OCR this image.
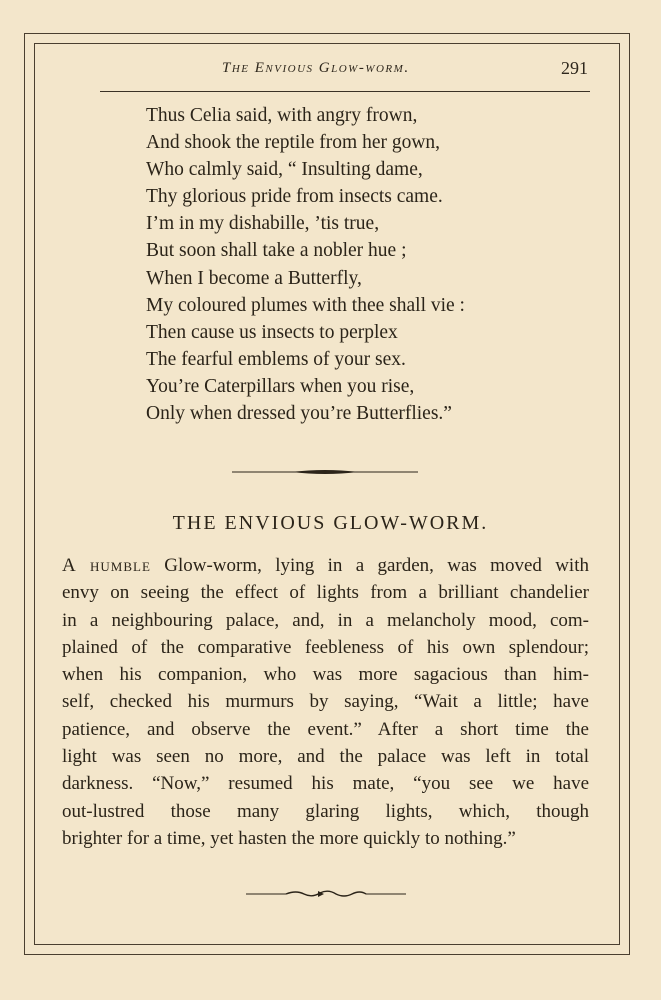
The Envious Glow-worm.	291
Thus Celia said, with angry frown,
And shook the reptile from her gown,
Who calmly said, “ Insulting dame,
Thy glorious pride from insects came.
I’m in my dishabille, ’tis true,
But soon shall take a nobler hue ;
When I become a Butterfly,
My coloured plumes with thee shall vie :
Then cause us insects to perplex
The fearful emblems of your sex.
You’re Caterpillars when you rise,
Only when dressed you’re Butterflies.”
THE ENVIOUS GLOW-WORM.
A humble Glow-worm, lying in a garden, was moved with
envy on seeing the effect of lights from a brilliant chandelier
in a neighbouring palace, and, in a melancholy mood, com-
plained of the comparative feebleness of his own splendour;
when his companion, who was more sagacious than him-
self, checked his murmurs by saying, “Wait a little; have
patience, and observe the event.” After a short time the
light was seen no more, and the palace was left in total
darkness. “Now,” resumed his mate, “you see we have
out-lustred those many glaring lights, which, though
brighter for a time, yet hasten the more quickly to nothing.”
